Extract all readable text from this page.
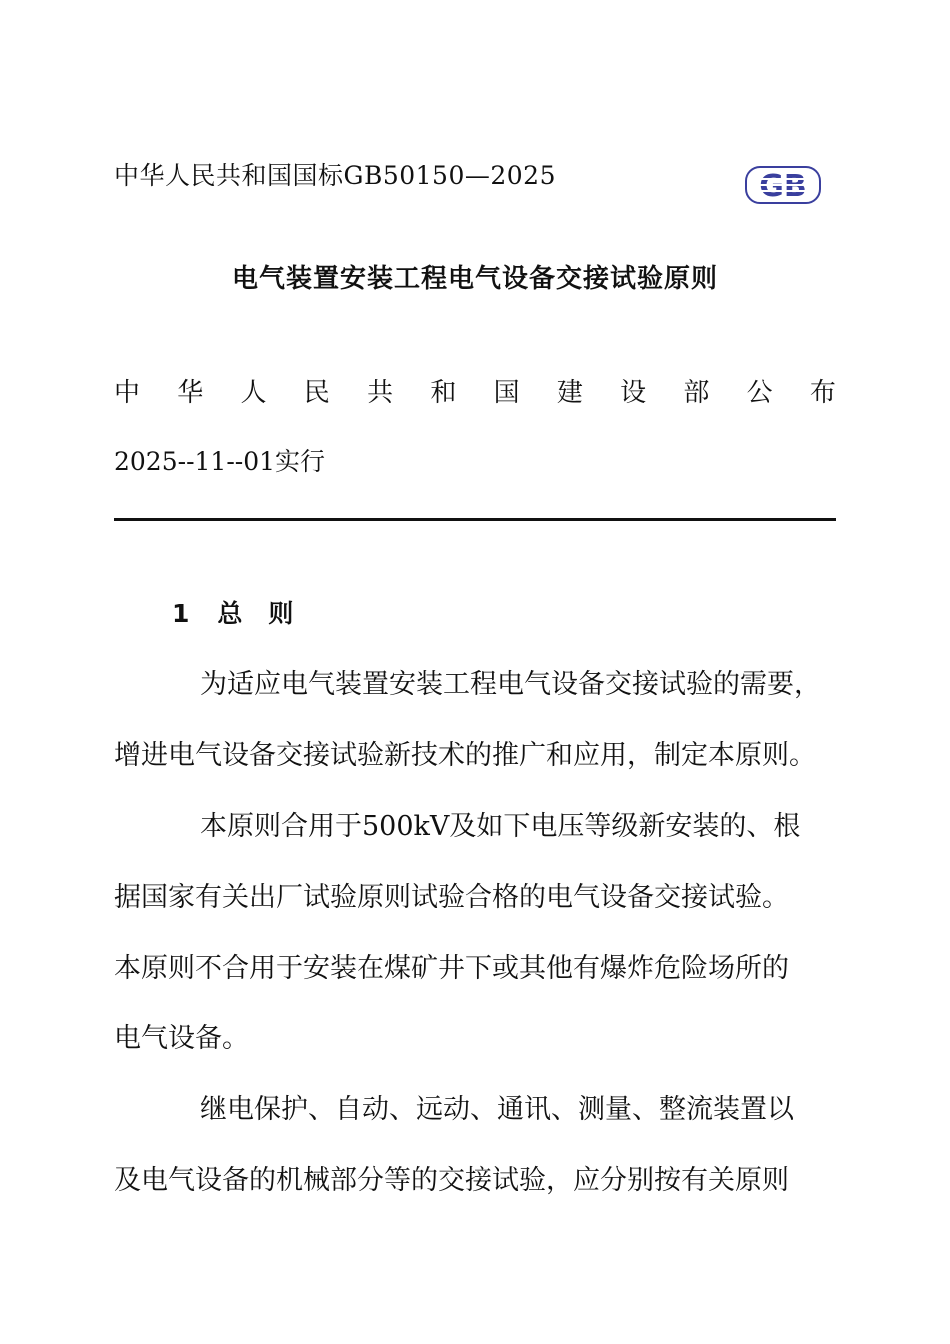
中华人民共和国国标GB50150—2025	GB
电气装置安装工程电气设备交接试验原则
中 华 人 民 共 和 国 建 设 部 公 布
2025--11--01实行
1 总 则
为适应电气装置安装工程电气设备交接试验的需要，
增进电气设备交接试验新技术的推广和应用，制定本原则。
本原则合用于500kV及如下电压等级新安装的、根
据国家有关出厂试验原则试验合格的电气设备交接试验。
本原则不合用于安装在煤矿井下或其他有爆炸危险场所的
电气设备。
继电保护、自动、远动、通讯、测量、整流装置以
及电气设备的机械部分等的交接试验，应分别按有关原则
